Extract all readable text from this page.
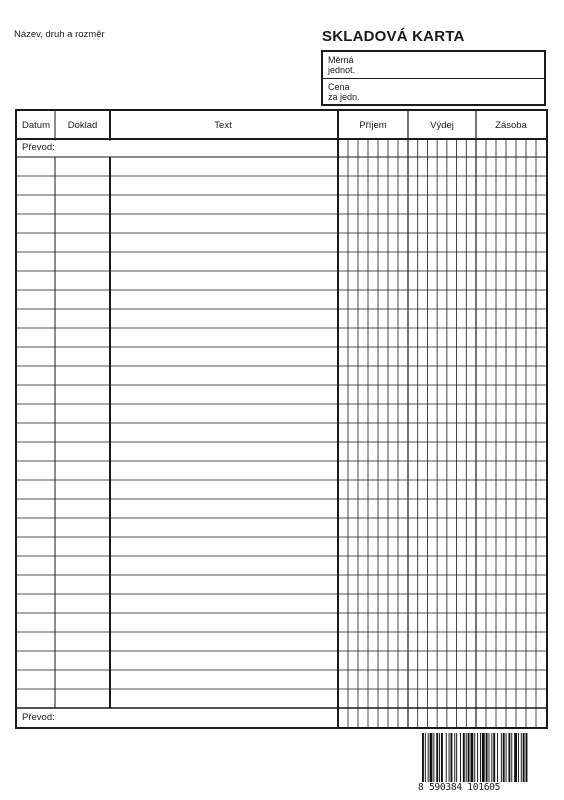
Název, druh a rozměr	SKLADOVÁ KARTA
Měrná
jednot.
Cena
za jedn.
Datum	Doklad	Text	Příjem	Výdej	Zásoba
Převod:
Převod:
8 590384 101605
